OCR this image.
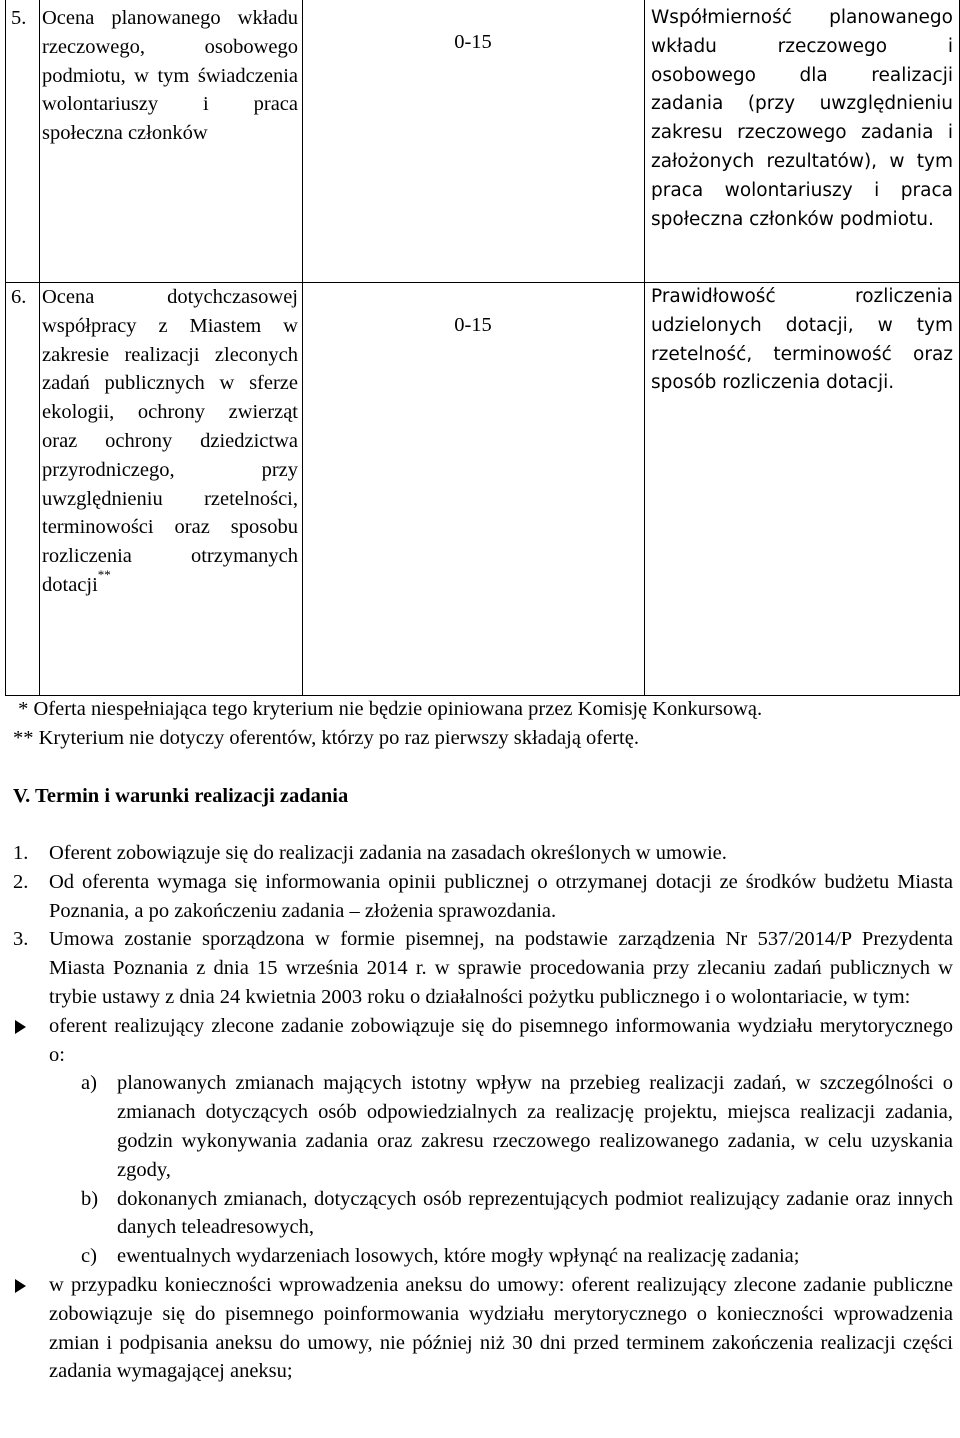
5.	Ocena planowanego wkładu rzeczowego, osobowego podmiotu, w tym świadczenia wolontariuszy i praca społeczna członków	0-15	Współmierność planowanego wkładu rzeczowego i osobowego dla realizacji zadania (przy uwzględnieniu zakresu rzeczowego zadania i założonych rezultatów), w tym praca wolontariuszy i praca społeczna członków podmiotu.
6.	Ocena dotychczasowej współpracy z Miastem w zakresie realizacji zleconych zadań publicznych w sferze ekologii, ochrony zwierząt oraz ochrony dziedzictwa przyrodniczego, przy uwzględnieniu rzetelności, terminowości oraz sposobu rozliczenia otrzymanych dotacji**	0-15	Prawidłowość rozliczenia udzielonych dotacji, w tym rzetelność, terminowość oraz sposób rozliczenia dotacji.
* Oferta niespełniająca tego kryterium nie będzie opiniowana przez Komisję Konkursową.
** Kryterium nie dotyczy oferentów, którzy po raz pierwszy składają ofertę.
V. Termin i warunki realizacji zadania
1.	Oferent zobowiązuje się do realizacji zadania na zasadach określonych w umowie.
2.	Od oferenta wymaga się informowania opinii publicznej o otrzymanej dotacji ze środków budżetu Miasta Poznania, a po zakończeniu zadania – złożenia sprawozdania.
3.	Umowa zostanie sporządzona w formie pisemnej, na podstawie zarządzenia Nr 537/2014/P Prezydenta Miasta Poznania z dnia 15 września 2014 r. w sprawie procedowania przy zlecaniu zadań publicznych w trybie ustawy z dnia 24 kwietnia 2003 roku o działalności pożytku publicznego i o wolontariacie, w tym:
oferent realizujący zlecone zadanie zobowiązuje się do pisemnego informowania wydziału merytorycznego o:
a) planowanych zmianach mających istotny wpływ na przebieg realizacji zadań, w szczególności o zmianach dotyczących osób odpowiedzialnych za realizację projektu, miejsca realizacji zadania, godzin wykonywania zadania oraz zakresu rzeczowego realizowanego zadania, w celu uzyskania zgody,
b) dokonanych zmianach, dotyczących osób reprezentujących podmiot realizujący zadanie oraz innych danych teleadresowych,
c) ewentualnych wydarzeniach losowych, które mogły wpłynąć na realizację zadania;
w przypadku konieczności wprowadzenia aneksu do umowy: oferent realizujący zlecone zadanie publiczne zobowiązuje się do pisemnego poinformowania wydziału merytorycznego o konieczności wprowadzenia zmian i podpisania aneksu do umowy, nie później niż 30 dni przed terminem zakończenia realizacji części zadania wymagającej aneksu;
